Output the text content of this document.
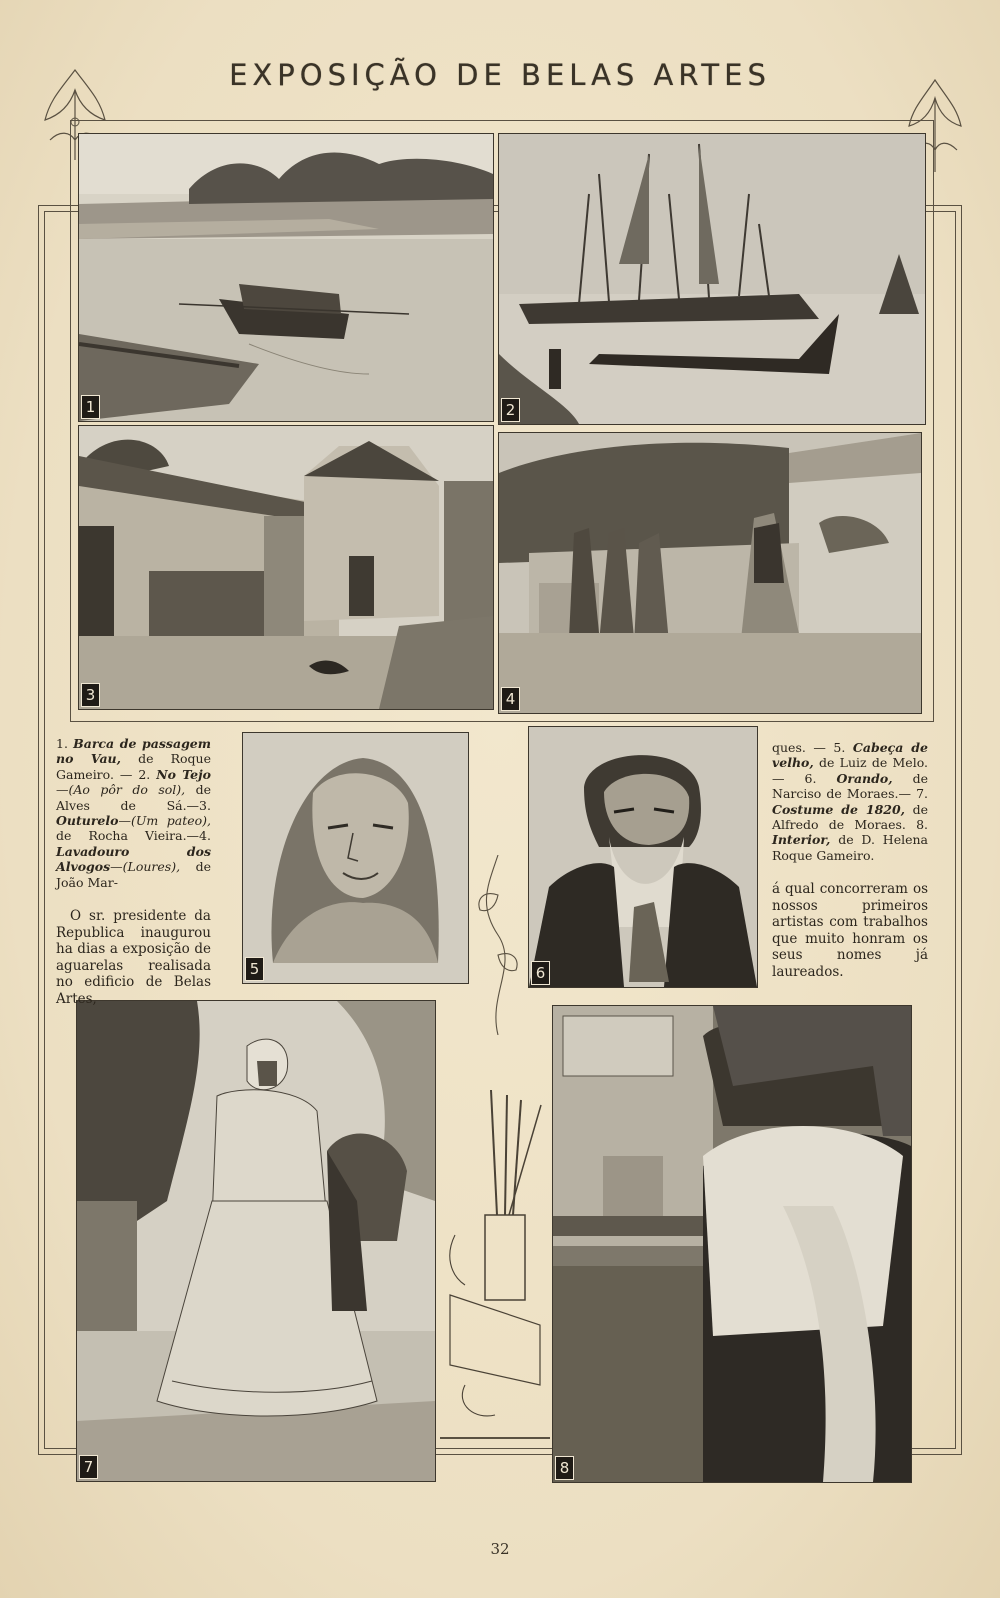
EXPOSIÇÃO DE BELAS ARTES
1	2
3	4
5	6
7	8

1. Barca de passagem no Vau, de Roque Gameiro. — 2. No Tejo—(Ao pôr do sol), de Alves de Sá.—3. Outurelo—(Um pateo), de Rocha Vieira.—4. Lavadouro dos Alvogos—(Loures), de João Mar-

O sr. presidente da Republica inaugurou ha dias a exposição de aguarelas realisada no edificio de Belas Artes,

ques. — 5. Cabeça de velho, de Luiz de Melo. — 6. Orando, de Narciso de Moraes.— 7. Costume de 1820, de Alfredo de Moraes. 8. Interior, de D. Helena Roque Gameiro.

á qual concorreram os nossos primeiros artistas com trabalhos que muito honram os seus nomes já laureados.

32
